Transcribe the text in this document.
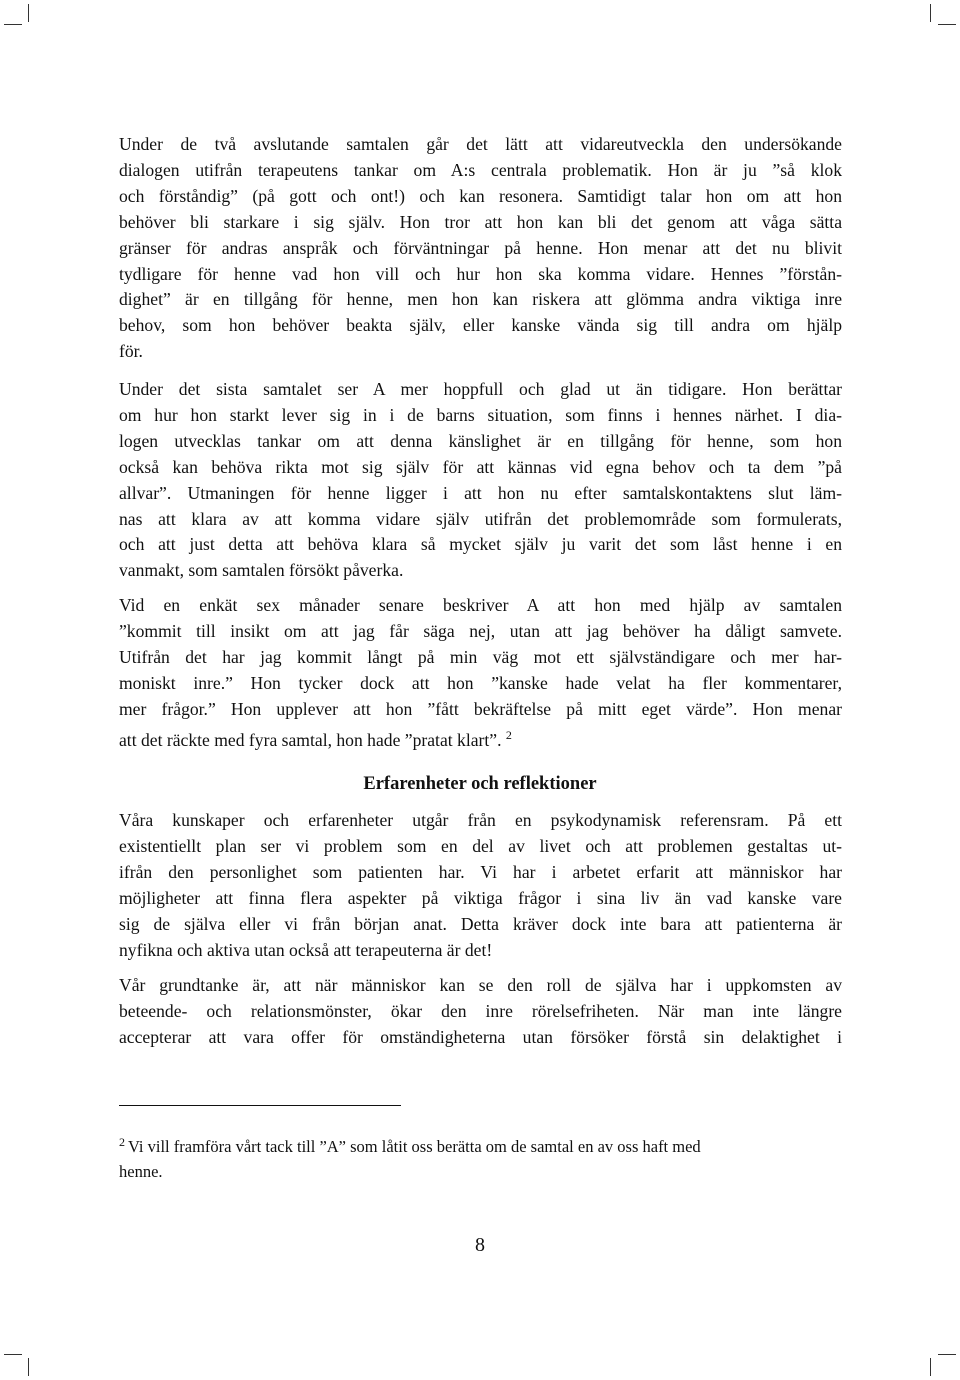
Under de två avslutande samtalen går det lätt att vidareutveckla den undersökande
dialogen utifrån terapeutens tankar om A:s centrala problematik. Hon är ju ”så klok
och förståndig” (på gott och ont!) och kan resonera. Samtidigt talar hon om att hon
behöver bli starkare i sig själv. Hon tror att hon kan bli det genom att våga sätta
gränser för andras anspråk och förväntningar på henne. Hon menar att det nu blivit
tydligare för henne vad hon vill och hur hon ska komma vidare. Hennes ”förstån-
dighet” är en tillgång för henne, men hon kan riskera att glömma andra viktiga inre
behov, som hon behöver beakta själv, eller kanske vända sig till andra om hjälp
för.
Under det sista samtalet ser A mer hoppfull och glad ut än tidigare. Hon berättar
om hur hon starkt lever sig in i de barns situation, som finns i hennes närhet. I dia-
logen utvecklas tankar om att denna känslighet är en tillgång för henne, som hon
också kan behöva rikta mot sig själv för att kännas vid egna behov och ta dem ”på
allvar”. Utmaningen för henne ligger i att hon nu efter samtalskontaktens slut läm-
nas att klara av att komma vidare själv utifrån det problemområde som formulerats,
och att just detta att behöva klara så mycket själv ju varit det som låst henne i en
vanmakt, som samtalen försökt påverka.
Vid en enkät sex månader senare beskriver A att hon med hjälp av samtalen
”kommit till insikt om att jag får säga nej, utan att jag behöver ha dåligt samvete.
Utifrån det har jag kommit långt på min väg mot ett självständigare och mer har-
moniskt inre.” Hon tycker dock att hon ”kanske hade velat ha fler kommentarer,
mer frågor.” Hon upplever att hon ”fått bekräftelse på mitt eget värde”. Hon menar
att det räckte med fyra samtal, hon hade ”pratat klart”. $^2$
Erfarenheter och reflektioner
Våra kunskaper och erfarenheter utgår från en psykodynamisk referensram. På ett
existentiellt plan ser vi problem som en del av livet och att problemen gestaltas ut-
ifrån den personlighet som patienten har. Vi har i arbetet erfarit att människor har
möjligheter att finna flera aspekter på viktiga frågor i sina liv än vad kanske vare
sig de själva eller vi från början anat. Detta kräver dock inte bara att patienterna är
nyfikna och aktiva utan också att terapeuterna är det!
Vår grundtanke är, att när människor kan se den roll de själva har i uppkomsten av
beteende- och relationsmönster, ökar den inre rörelsefriheten. När man inte längre
accepterar att vara offer för omständigheterna utan försöker förstå sin delaktighet i
$^2$ Vi vill framföra vårt tack till ”A” som låtit oss berätta om de samtal en av oss haft med
henne.
8
